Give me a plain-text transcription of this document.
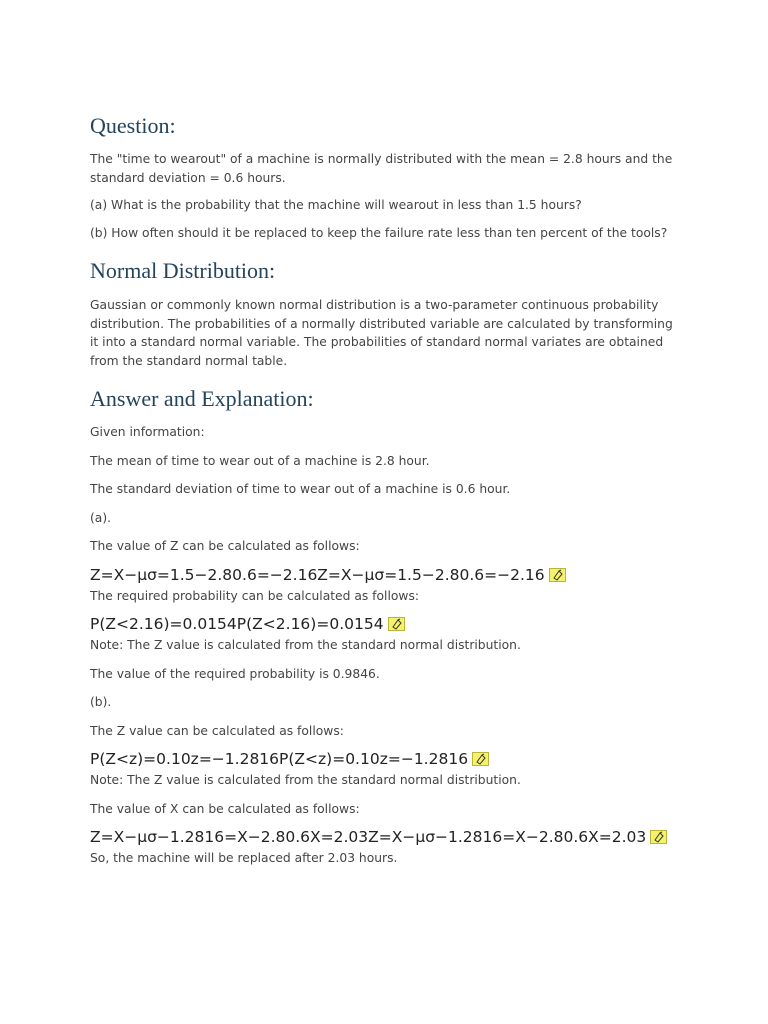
Question:

The "time to wearout" of a machine is normally distributed with the mean = 2.8 hours and the standard deviation = 0.6 hours.

(a) What is the probability that the machine will wearout in less than 1.5 hours?

(b) How often should it be replaced to keep the failure rate less than ten percent of the tools?

Normal Distribution:

Gaussian or commonly known normal distribution is a two-parameter continuous probability distribution. The probabilities of a normally distributed variable are calculated by transforming it into a standard normal variable. The probabilities of standard normal variates are obtained from the standard normal table.

Answer and Explanation:

Given information:

The mean of time to wear out of a machine is 2.8 hour.

The standard deviation of time to wear out of a machine is 0.6 hour.

(a).

The value of Z can be calculated as follows:

Z=X−μσ=1.5−2.80.6=−2.16Z=X−μσ=1.5−2.80.6=−2.16

The required probability can be calculated as follows:

P(Z<2.16)=0.0154P(Z<2.16)=0.0154

Note: The Z value is calculated from the standard normal distribution.

The value of the required probability is 0.9846.

(b).

The Z value can be calculated as follows:

P(Z<z)=0.10z=−1.2816P(Z<z)=0.10z=−1.2816

Note: The Z value is calculated from the standard normal distribution.

The value of X can be calculated as follows:

Z=X−μσ−1.2816=X−2.80.6X=2.03Z=X−μσ−1.2816=X−2.80.6X=2.03

So, the machine will be replaced after 2.03 hours.
